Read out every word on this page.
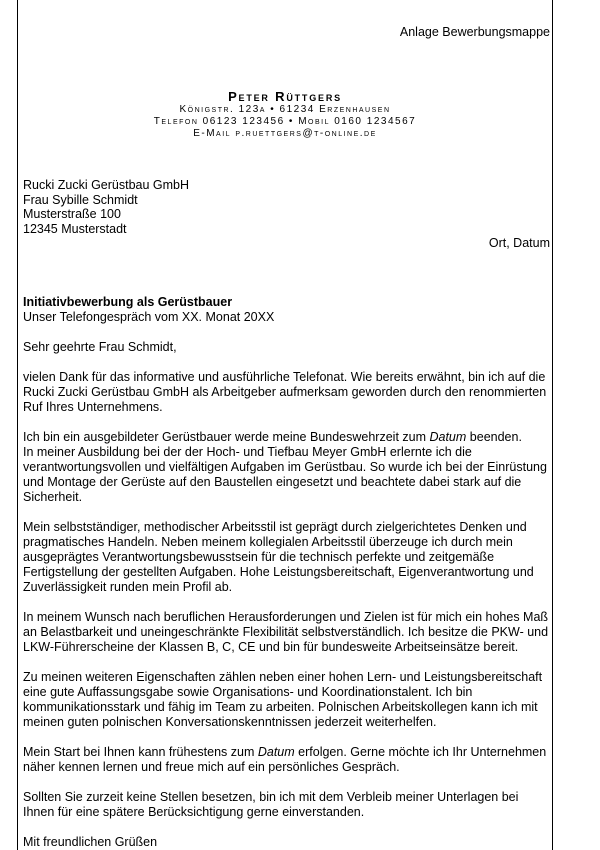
Anlage Bewerbungsmappe
Peter Rüttgers
Königstr. 123a • 61234 Erzenhausen
Telefon 06123 123456 • Mobil 0160 1234567
E-Mail p.ruettgers@t-online.de
Rucki Zucki Gerüstbau GmbH
Frau Sybille Schmidt
Musterstraße 100
12345 Musterstadt
Ort, Datum
Initiativbewerbung als Gerüstbauer
Unser Telefongespräch vom XX. Monat 20XX
Sehr geehrte Frau Schmidt,
vielen Dank für das informative und ausführliche Telefonat. Wie bereits erwähnt, bin ich auf die Rucki Zucki Gerüstbau GmbH als Arbeitgeber aufmerksam geworden durch den renommierten Ruf Ihres Unternehmens.
Ich bin ein ausgebildeter Gerüstbauer werde meine Bundeswehrzeit zum Datum beenden.
In meiner Ausbildung bei der der Hoch- und Tiefbau Meyer GmbH erlernte ich die verantwortungsvollen und vielfältigen Aufgaben im Gerüstbau. So wurde ich bei der Einrüstung und Montage der Gerüste auf den Baustellen eingesetzt und beachtete dabei stark auf die Sicherheit.
Mein selbstständiger, methodischer Arbeitsstil ist geprägt durch zielgerichtetes Denken und pragmatisches Handeln. Neben meinem kollegialen Arbeitsstil überzeuge ich durch mein ausgeprägtes Verantwortungsbewusstsein für die technisch perfekte und zeitgemäße Fertigstellung der gestellten Aufgaben. Hohe Leistungsbereitschaft, Eigenverantwortung und Zuverlässigkeit runden mein Profil ab.
In meinem Wunsch nach beruflichen Herausforderungen und Zielen ist für mich ein hohes Maß an Belastbarkeit und uneingeschränkte Flexibilität selbstverständlich. Ich besitze die PKW- und LKW-Führerscheine der Klassen B, C, CE und bin für bundesweite Arbeitseinsätze bereit.
Zu meinen weiteren Eigenschaften zählen neben einer hohen Lern- und Leistungsbereitschaft eine gute Auffassungsgabe sowie Organisations- und Koordinationstalent. Ich bin kommunikationsstark und fähig im Team zu arbeiten. Polnischen Arbeitskollegen kann ich mit meinen guten polnischen Konversationskenntnissen jederzeit weiterhelfen.
Mein Start bei Ihnen kann frühestens zum Datum erfolgen. Gerne möchte ich Ihr Unternehmen näher kennen lernen und freue mich auf ein persönliches Gespräch.
Sollten Sie zurzeit keine Stellen besetzen, bin ich mit dem Verbleib meiner Unterlagen bei Ihnen für eine spätere Berücksichtigung gerne einverstanden.
Mit freundlichen Grüßen
